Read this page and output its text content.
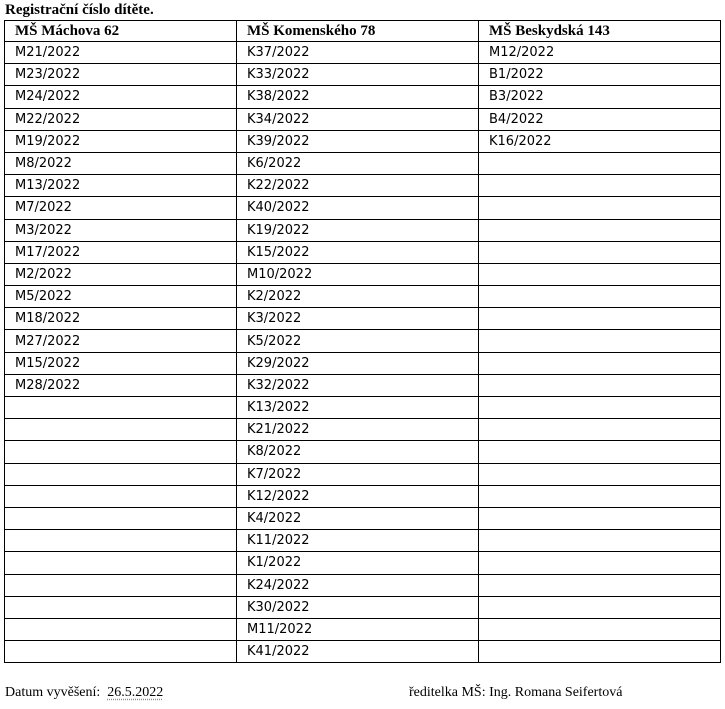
Registrační číslo dítěte.
MŠ Máchova 62	MŠ Komenského 78	MŠ Beskydská 143
M21/2022	K37/2022	M12/2022
M23/2022	K33/2022	B1/2022
M24/2022	K38/2022	B3/2022
M22/2022	K34/2022	B4/2022
M19/2022	K39/2022	K16/2022
M8/2022	K6/2022	
M13/2022	K22/2022	
M7/2022	K40/2022	
M3/2022	K19/2022	
M17/2022	K15/2022	
M2/2022	M10/2022	
M5/2022	K2/2022	
M18/2022	K3/2022	
M27/2022	K5/2022	
M15/2022	K29/2022	
M28/2022	K32/2022	
	K13/2022	
	K21/2022	
	K8/2022	
	K7/2022	
	K12/2022	
	K4/2022	
	K11/2022	
	K1/2022	
	K24/2022	
	K30/2022	
	M11/2022	
	K41/2022	
Datum vyvěšení: 26.5.2022	ředitelka MŠ: Ing. Romana Seifertová
